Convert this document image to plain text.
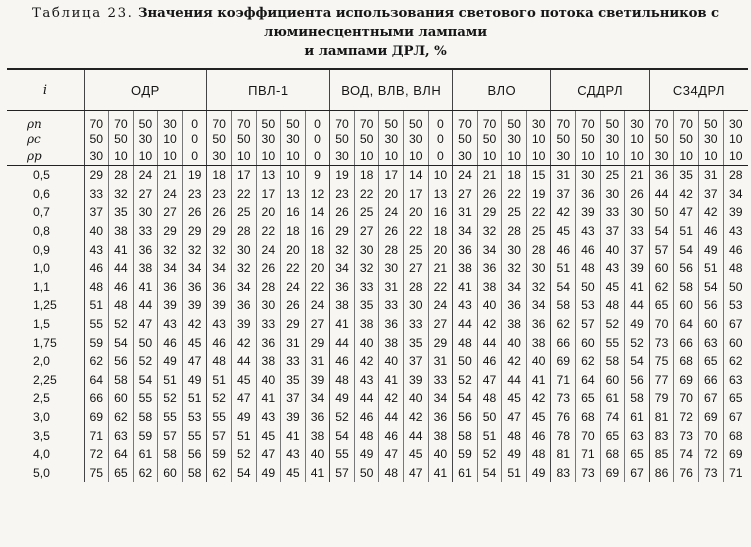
Таблица 23. Значения коэффициента использования светового потока светильников с люминесцентными лампами
и лампами ДРЛ, %
i	ОДР					ПВЛ-1					ВОД, ВЛВ, ВЛН					ВЛО				СДДРЛ				С34ДРЛ			
ρп	70	70	50	30	0	70	70	50	50	0	70	70	50	50	0	70	70	50	30	70	70	50	30	70	70	50	30
ρс	50	50	30	10	0	50	50	30	30	0	50	50	30	30	0	50	50	30	10	50	50	30	10	50	50	30	10
ρр	30	10	10	10	0	30	10	10	10	0	30	10	10	10	0	30	10	10	10	30	10	10	10	30	10	10	10
0,5	29	28	24	21	19	18	17	13	10	9	19	18	17	14	10	24	21	18	15	31	30	25	21	36	35	31	28
0,6	33	32	27	24	23	23	22	17	13	12	23	22	20	17	13	27	26	22	19	37	36	30	26	44	42	37	34
0,7	37	35	30	27	26	26	25	20	16	14	26	25	24	20	16	31	29	25	22	42	39	33	30	50	47	42	39
0,8	40	38	33	29	29	29	28	22	18	16	29	27	26	22	18	34	32	28	25	45	43	37	33	54	51	46	43
0,9	43	41	36	32	32	32	30	24	20	18	32	30	28	25	20	36	34	30	28	46	46	40	37	57	54	49	46
1,0	46	44	38	34	34	34	32	26	22	20	34	32	30	27	21	38	36	32	30	51	48	43	39	60	56	51	48
1,1	48	46	41	36	36	36	34	28	24	22	36	33	31	28	22	41	38	34	32	54	50	45	41	62	58	54	50
1,25	51	48	44	39	39	39	36	30	26	24	38	35	33	30	24	43	40	36	34	58	53	48	44	65	60	56	53
1,5	55	52	47	43	42	43	39	33	29	27	41	38	36	33	27	44	42	38	36	62	57	52	49	70	64	60	67
1,75	59	54	50	46	45	46	42	36	31	29	44	40	38	35	29	48	44	40	38	66	60	55	52	73	66	63	60
2,0	62	56	52	49	47	48	44	38	33	31	46	42	40	37	31	50	46	42	40	69	62	58	54	75	68	65	62
2,25	64	58	54	51	49	51	45	40	35	39	48	43	41	39	33	52	47	44	41	71	64	60	56	77	69	66	63
2,5	66	60	55	52	51	52	47	41	37	34	49	44	42	40	34	54	48	45	42	73	65	61	58	79	70	67	65
3,0	69	62	58	55	53	55	49	43	39	36	52	46	44	42	36	56	50	47	45	76	68	74	61	81	72	69	67
3,5	71	63	59	57	55	57	51	45	41	38	54	48	46	44	38	58	51	48	46	78	70	65	63	83	73	70	68
4,0	72	64	61	58	56	59	52	47	43	40	55	49	47	45	40	59	52	49	48	81	71	68	65	85	74	72	69
5,0	75	65	62	60	58	62	54	49	45	41	57	50	48	47	41	61	54	51	49	83	73	69	67	86	76	73	71
